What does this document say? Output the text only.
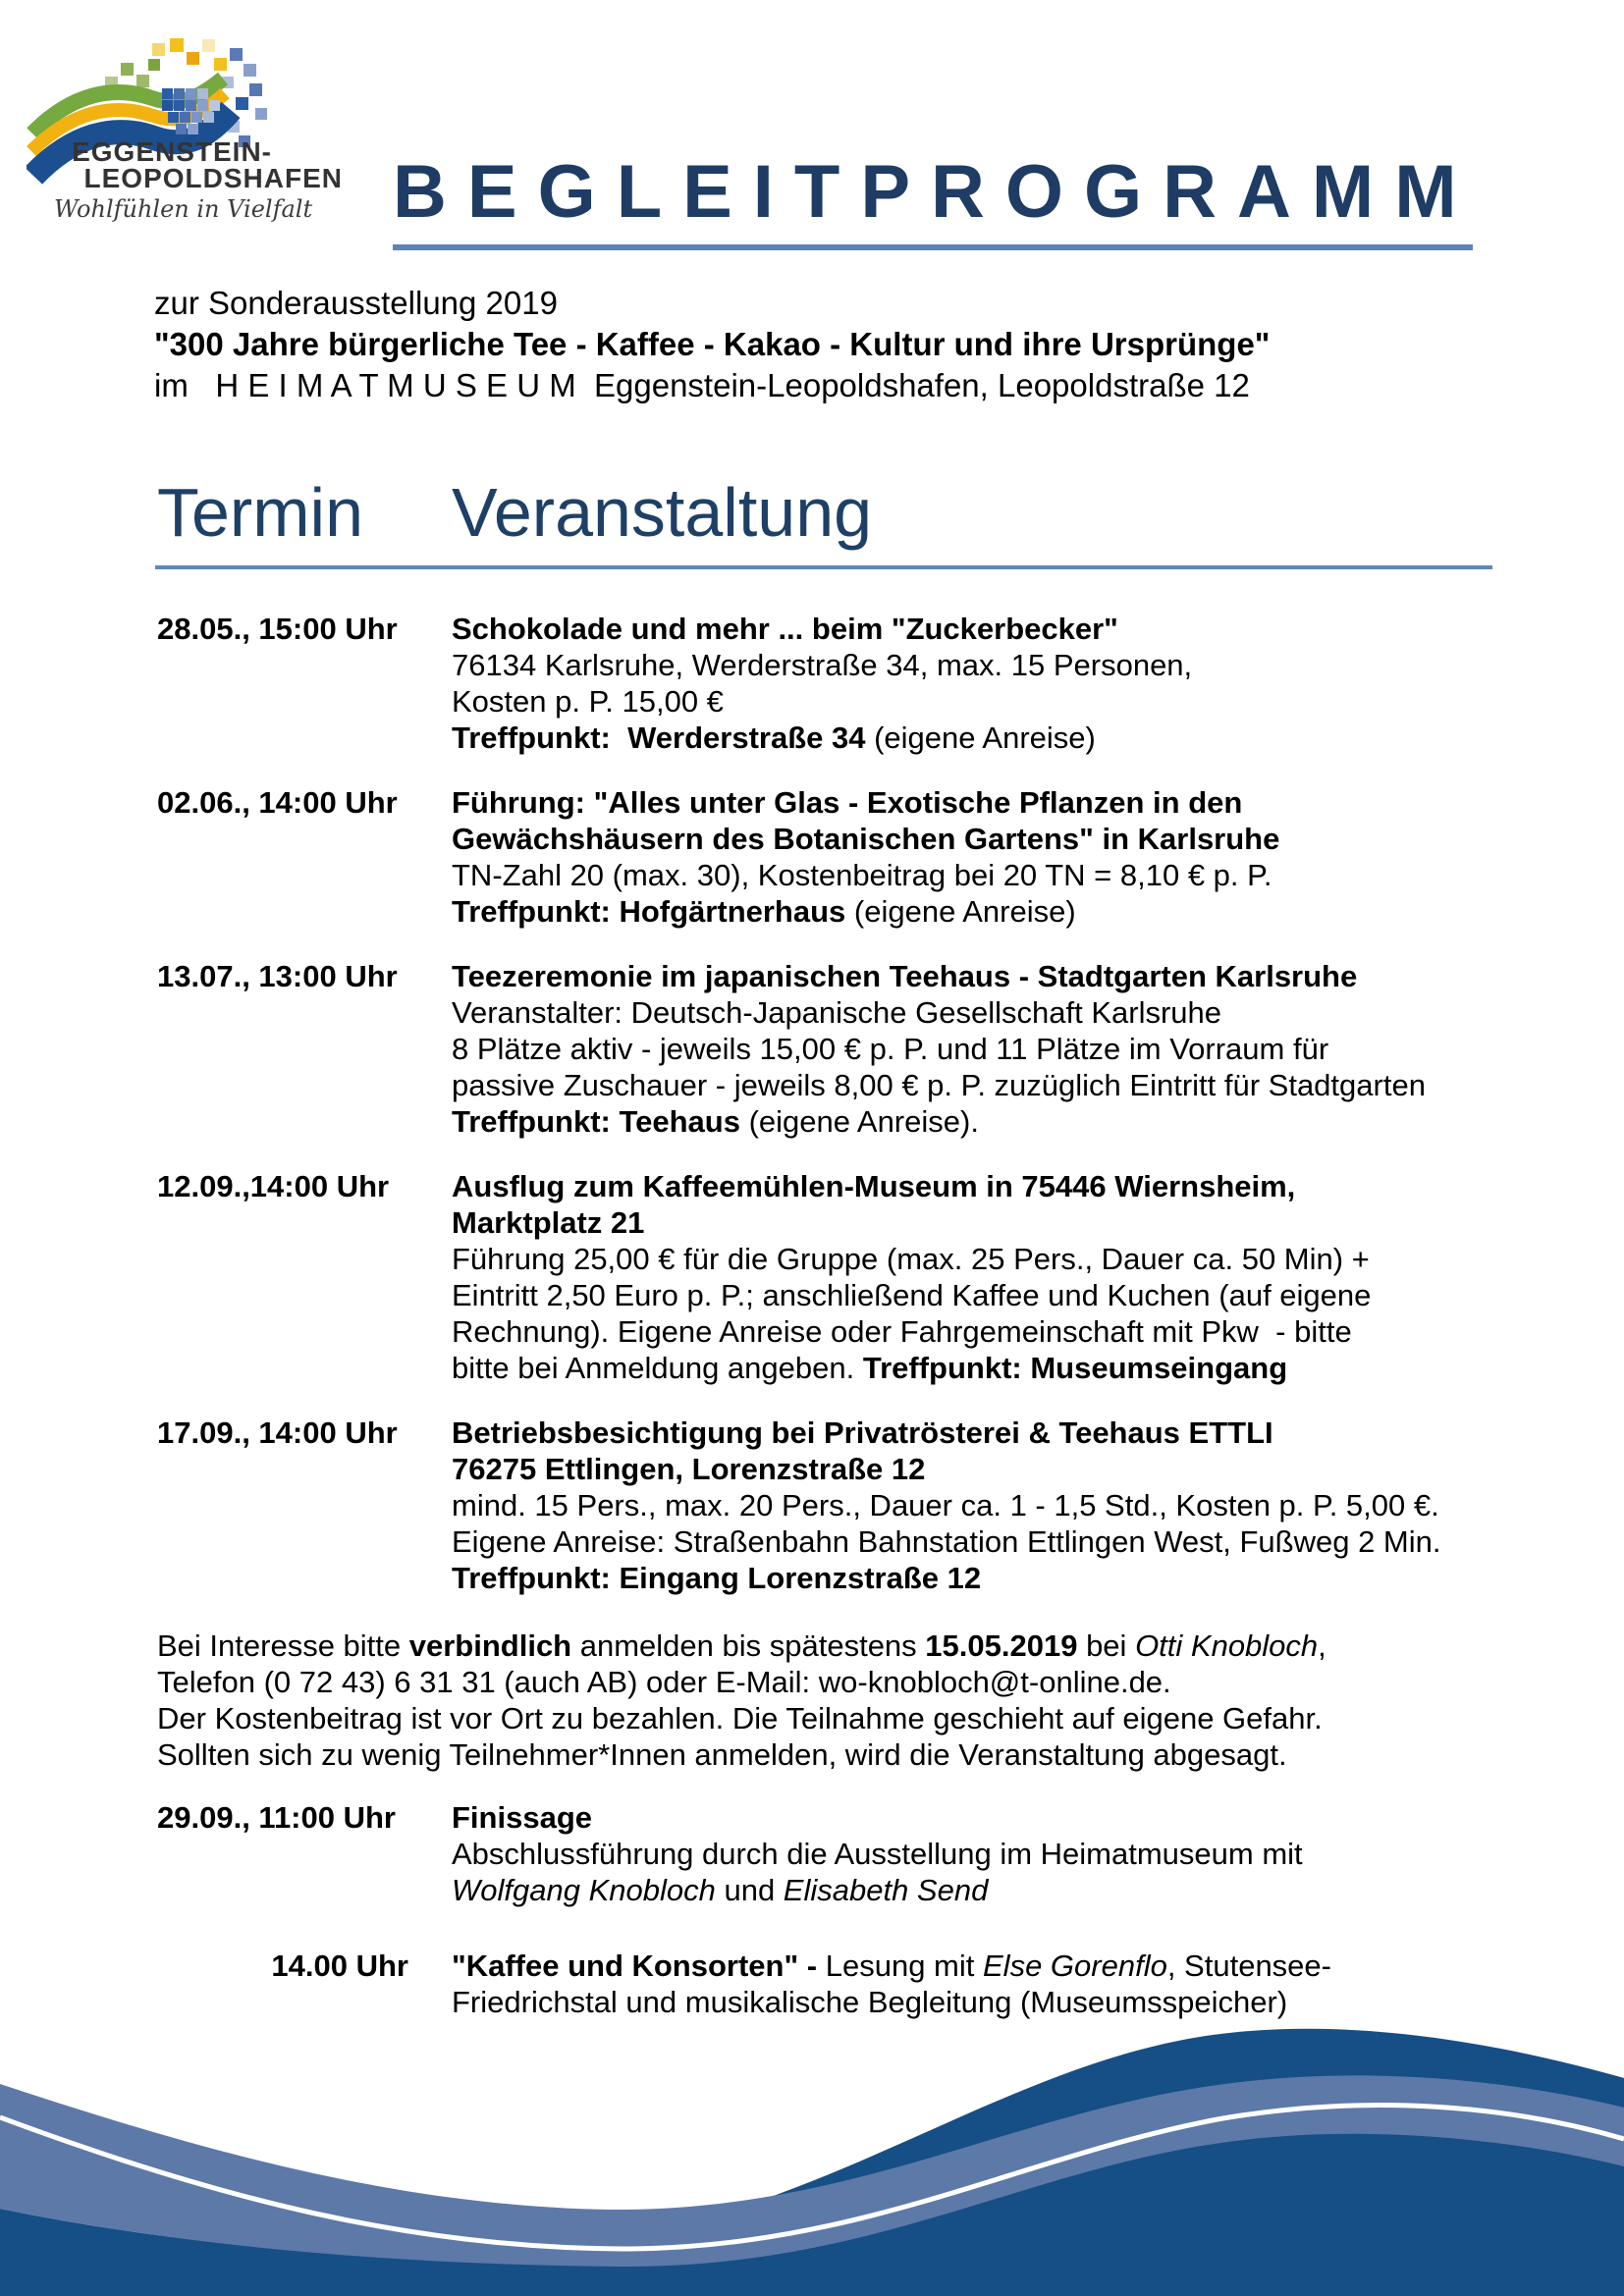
EGGENSTEIN-
LEOPOLDSHAFEN
Wohlfühlen in Vielfalt BEGLEITPROGRAMM
zur Sonderausstellung 2019
"300 Jahre bürgerliche Tee - Kaffee - Kakao - Kultur und ihre Ursprünge"
im   H E I M A T M U S E U M  Eggenstein-Leopoldshafen, Leopoldstraße 12
Termin	Veranstaltung
28.05., 15:00 Uhr	Schokolade und mehr ... beim "Zuckerbecker"
76134 Karlsruhe, Werderstraße 34, max. 15 Personen,
Kosten p. P. 15,00 €
Treffpunkt:  Werderstraße 34 (eigene Anreise)
02.06., 14:00 Uhr	Führung: "Alles unter Glas - Exotische Pflanzen in den
Gewächshäusern des Botanischen Gartens" in Karlsruhe
TN-Zahl 20 (max. 30), Kostenbeitrag bei 20 TN = 8,10 € p. P.
Treffpunkt: Hofgärtnerhaus (eigene Anreise)
13.07., 13:00 Uhr	Teezeremonie im japanischen Teehaus - Stadtgarten Karlsruhe
Veranstalter: Deutsch-Japanische Gesellschaft Karlsruhe
8 Plätze aktiv - jeweils 15,00 € p. P. und 11 Plätze im Vorraum für
passive Zuschauer - jeweils 8,00 € p. P. zuzüglich Eintritt für Stadtgarten
Treffpunkt: Teehaus (eigene Anreise).
12.09.,14:00 Uhr	Ausflug zum Kaffeemühlen-Museum in 75446 Wiernsheim,
Marktplatz 21
Führung 25,00 € für die Gruppe (max. 25 Pers., Dauer ca. 50 Min) +
Eintritt 2,50 Euro p. P.; anschließend Kaffee und Kuchen (auf eigene
Rechnung). Eigene Anreise oder Fahrgemeinschaft mit Pkw  - bitte
bitte bei Anmeldung angeben. Treffpunkt: Museumseingang
17.09., 14:00 Uhr	Betriebsbesichtigung bei Privatrösterei & Teehaus ETTLI
76275 Ettlingen, Lorenzstraße 12
mind. 15 Pers., max. 20 Pers., Dauer ca. 1 - 1,5 Std., Kosten p. P. 5,00 €.
Eigene Anreise: Straßenbahn Bahnstation Ettlingen West, Fußweg 2 Min.
Treffpunkt: Eingang Lorenzstraße 12
Bei Interesse bitte verbindlich anmelden bis spätestens 15.05.2019 bei Otti Knobloch,
Telefon (0 72 43) 6 31 31 (auch AB) oder E-Mail: wo-knobloch@t-online.de.
Der Kostenbeitrag ist vor Ort zu bezahlen. Die Teilnahme geschieht auf eigene Gefahr.
Sollten sich zu wenig Teilnehmer*Innen anmelden, wird die Veranstaltung abgesagt.
29.09., 11:00 Uhr	Finissage
Abschlussführung durch die Ausstellung im Heimatmuseum mit
Wolfgang Knobloch und Elisabeth Send
14.00 Uhr	"Kaffee und Konsorten" - Lesung mit Else Gorenflo, Stutensee-
Friedrichstal und musikalische Begleitung (Museumsspeicher)
